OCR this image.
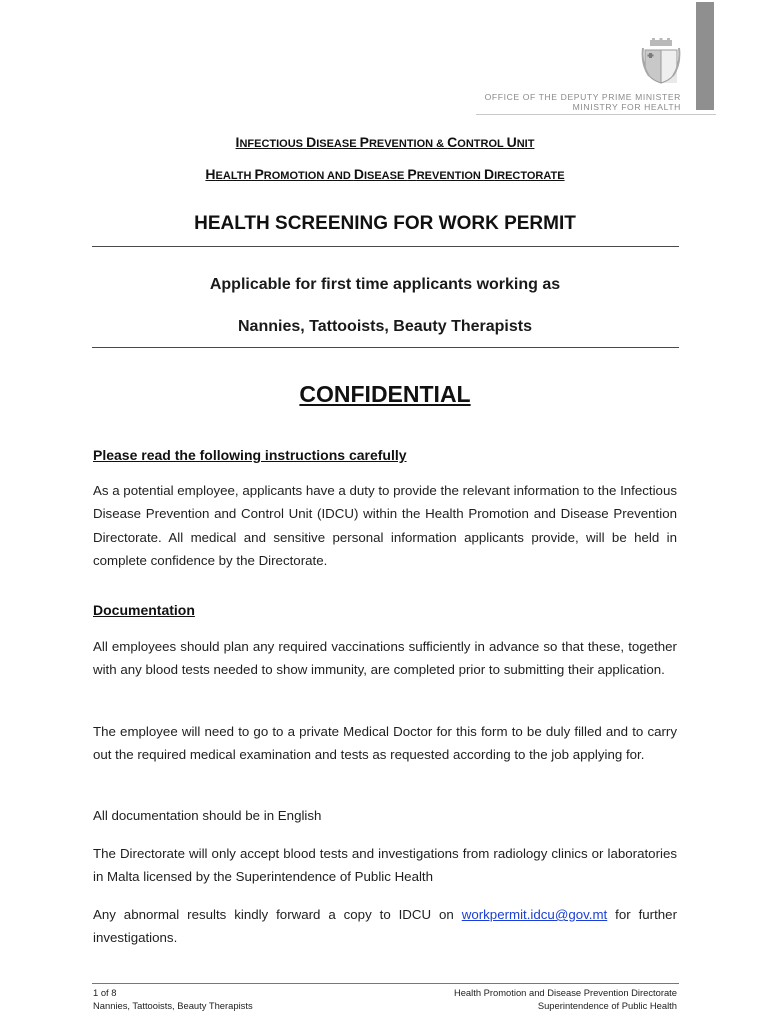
OFFICE OF THE DEPUTY PRIME MINISTER
MINISTRY FOR HEALTH
INFECTIOUS DISEASE PREVENTION & CONTROL UNIT
HEALTH PROMOTION AND DISEASE PREVENTION DIRECTORATE
HEALTH SCREENING FOR WORK PERMIT
Applicable for first time applicants working as
Nannies, Tattooists, Beauty Therapists
CONFIDENTIAL
Please read the following instructions carefully
As a potential employee, applicants have a duty to provide the relevant information to the Infectious Disease Prevention and Control Unit (IDCU) within the Health Promotion and Disease Prevention Directorate. All medical and sensitive personal information applicants provide, will be held in complete confidence by the Directorate.
Documentation
All employees should plan any required vaccinations sufficiently in advance so that these, together with any blood tests needed to show immunity, are completed prior to submitting their application.
The employee will need to go to a private Medical Doctor for this form to be duly filled and to carry out the required medical examination and tests as requested according to the job applying for.
All documentation should be in English
The Directorate will only accept blood tests and investigations from radiology clinics or laboratories in Malta licensed by the Superintendence of Public Health
Any abnormal results kindly forward a copy to IDCU on workpermit.idcu@gov.mt for further investigations.
1 of 8
Nannies, Tattooists, Beauty Therapists
Health Promotion and Disease Prevention Directorate
Superintendence of Public Health
